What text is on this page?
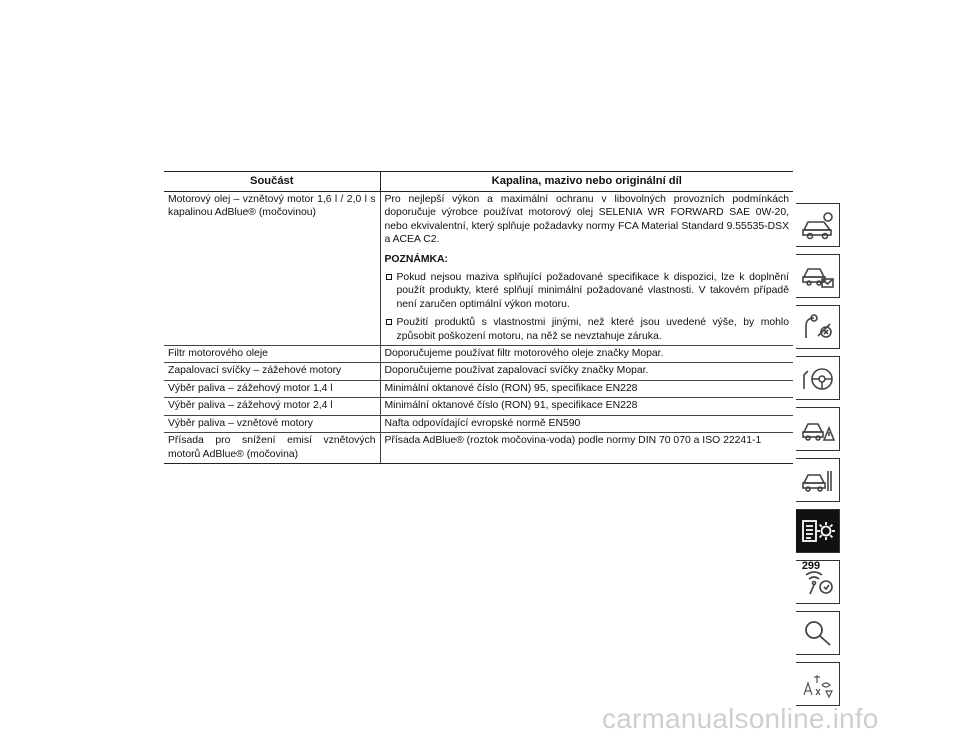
Součást	Kapalina, mazivo nebo originální díl
Motorový olej – vznětový motor 1,6 l / 2,0 l s kapalinou AdBlue® (močovinou)	Pro nejlepší výkon a maximální ochranu v libovolných provozních podmínkách doporučuje výrobce používat motorový olej SELENIA WR FORWARD SAE 0W-20, nebo ekvivalentní, který splňuje požadavky normy FCA Material Standard 9.55535-DSX a ACEA C2.
POZNÁMKA:
Pokud nejsou maziva splňující požadované specifikace k dispozici, lze k doplnění použít produkty, které splňují minimální požadované vlastnosti. V takovém případě není zaručen optimální výkon motoru.
Použití produktů s vlastnostmi jinými, než které jsou uvedené výše, by mohlo způsobit poškození motoru, na něž se nevztahuje záruka.

Filtr motorového oleje	Doporučujeme používat filtr motorového oleje značky Mopar.
Zapalovací svíčky – zážehové motory	Doporučujeme používat zapalovací svíčky značky Mopar.
Výběr paliva – zážehový motor 1,4 l	Minimální oktanové číslo (RON) 95, specifikace EN228
Výběr paliva – zážehový motor 2,4 l	Minimální oktanové číslo (RON) 91, specifikace EN228
Výběr paliva – vznětové motory	Nafta odpovídající evropské normě EN590
Přísada pro snížení emisí vznětových motorů AdBlue® (močovina)	Přísada AdBlue® (roztok močovina-voda) podle normy DIN 70 070 a ISO 22241-1
299
carmanualsonline.info
